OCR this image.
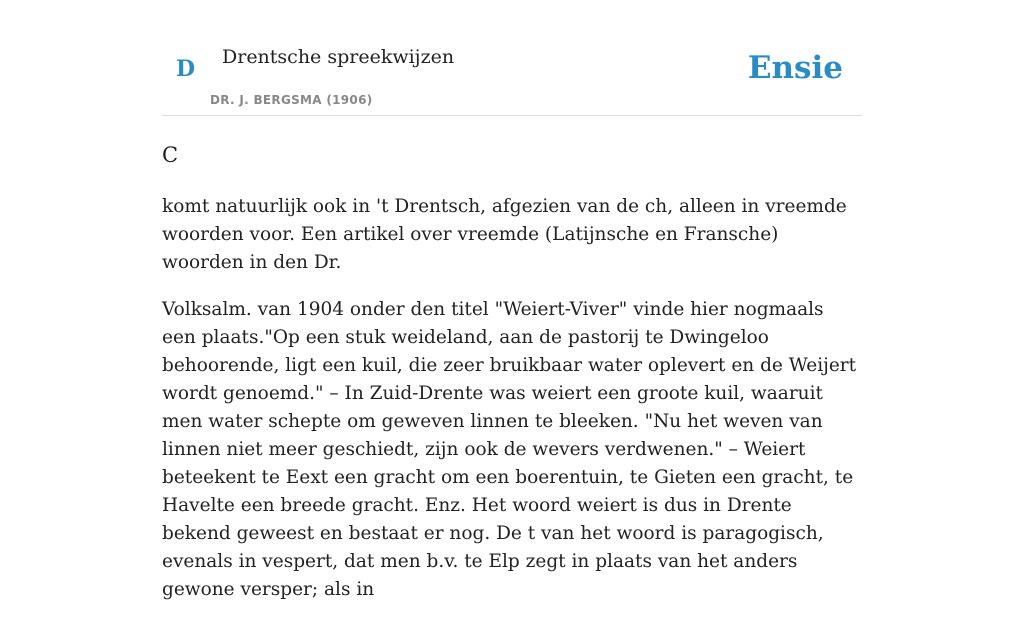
D Drentsche spreekwijzen
DR. J. BERGSMA (1906)
Ensie
C

komt natuurlijk ook in 't Drentsch, afgezien van de ch, alleen in vreemde woorden voor. Een artikel over vreemde (Latijnsche en Fransche) woorden in den Dr.

Volksalm. van 1904 onder den titel "Weiert-Viver" vinde hier nogmaals een plaats."Op een stuk weideland, aan de pastorij te Dwingeloo behoorende, ligt een kuil, die zeer bruikbaar water oplevert en de Weijert wordt genoemd." – In Zuid-Drente was weiert een groote kuil, waaruit men water schepte om geweven linnen te bleeken. "Nu het weven van linnen niet meer geschiedt, zijn ook de wevers verdwenen." – Weiert beteekent te Eext een gracht om een boerentuin, te Gieten een gracht, te Havelte een breede gracht. Enz. Het woord weiert is dus in Drente bekend geweest en bestaat er nog. De t van het woord is paragogisch, evenals in vespert, dat men b.v. te Elp zegt in plaats van het anders gewone versper; als in
